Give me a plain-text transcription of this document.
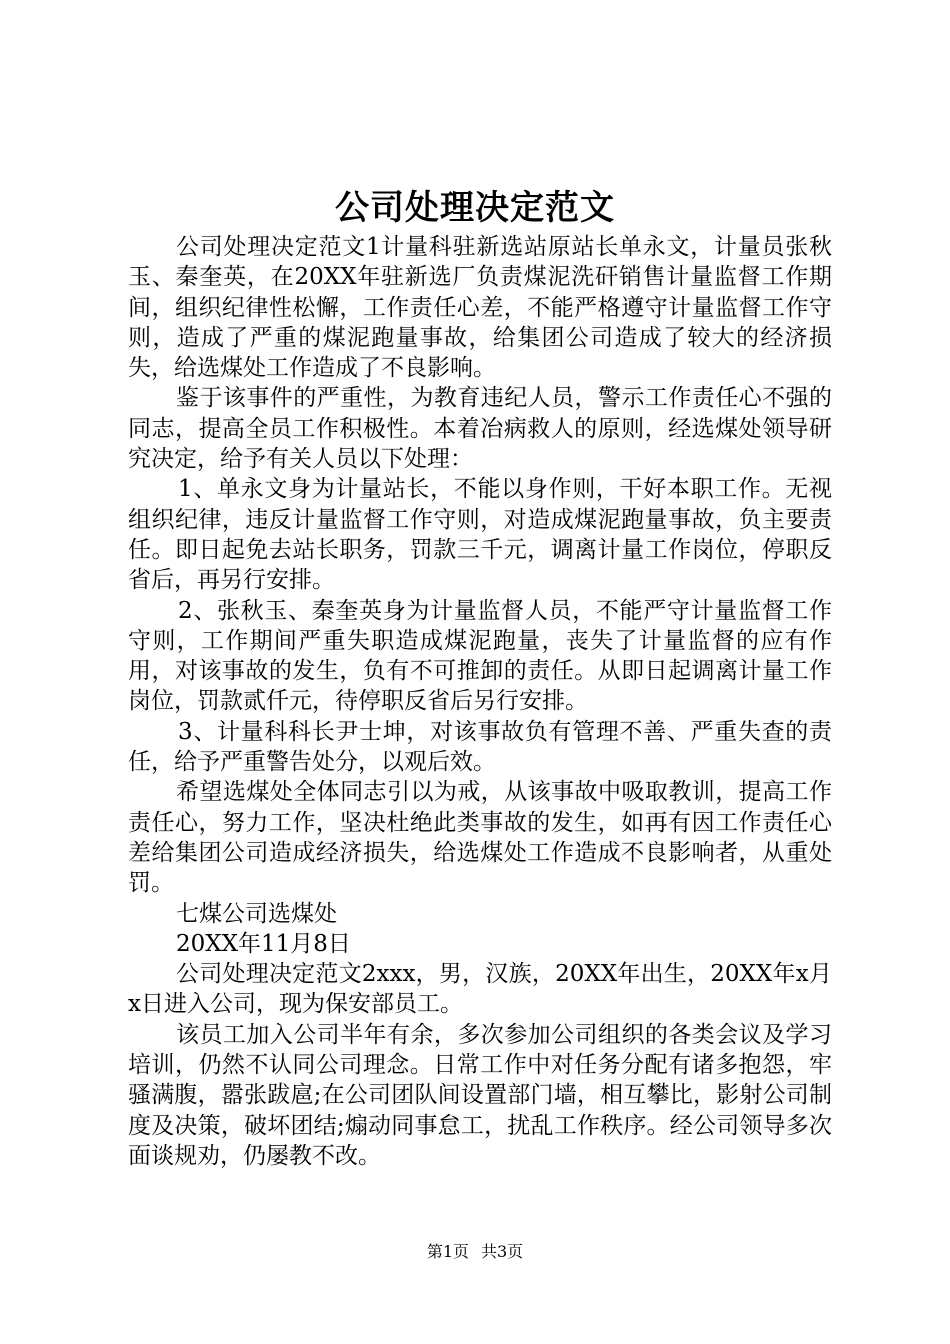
公司处理决定范文

公司处理决定范文1计量科驻新选站原站长单永文，计量员张秋玉、秦奎英，在20XX年驻新选厂负责煤泥洗矸销售计量监督工作期间，组织纪律性松懈，工作责任心差，不能严格遵守计量监督工作守则，造成了严重的煤泥跑量事故，给集团公司造成了较大的经济损失，给选煤处工作造成了不良影响。

鉴于该事件的严重性，为教育违纪人员，警示工作责任心不强的同志，提高全员工作积极性。本着冶病救人的原则，经选煤处领导研究决定，给予有关人员以下处理：

1、单永文身为计量站长，不能以身作则，干好本职工作。无视组织纪律，违反计量监督工作守则，对造成煤泥跑量事故，负主要责任。即日起免去站长职务，罚款三千元，调离计量工作岗位，停职反省后，再另行安排。

2、张秋玉、秦奎英身为计量监督人员，不能严守计量监督工作守则，工作期间严重失职造成煤泥跑量，丧失了计量监督的应有作用，对该事故的发生，负有不可推卸的责任。从即日起调离计量工作岗位，罚款贰仟元，待停职反省后另行安排。

3、计量科科长尹士坤，对该事故负有管理不善、严重失查的责任，给予严重警告处分，以观后效。

希望选煤处全体同志引以为戒，从该事故中吸取教训，提高工作责任心，努力工作，坚决杜绝此类事故的发生，如再有因工作责任心差给集团公司造成经济损失，给选煤处工作造成不良影响者，从重处罚。

七煤公司选煤处

20XX年11月8日

公司处理决定范文2xxx，男，汉族，20XX年出生，20XX年x月x日进入公司，现为保安部员工。

该员工加入公司半年有余，多次参加公司组织的各类会议及学习培训，仍然不认同公司理念。日常工作中对任务分配有诸多抱怨，牢骚满腹，嚣张跋扈;在公司团队间设置部门墙，相互攀比，影射公司制度及决策，破坏团结;煽动同事怠工，扰乱工作秩序。经公司领导多次面谈规劝，仍屡教不改。

第1页 共3页
